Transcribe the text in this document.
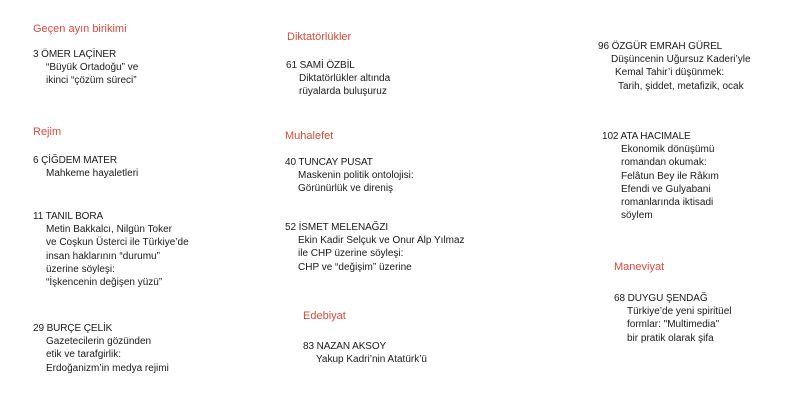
Geçen ayın birikimi
3 ÖMER LAÇİNER
“Büyük Ortadoğu” ve
ikinci “çözüm süreci”
Rejim
6 ÇİĞDEM MATER
Mahkeme hayaletleri
11 TANIL BORA
Metin Bakkalcı, Nilgün Toker
ve Coşkun Üsterci ile Türkiye’de
insan haklarının “durumu”
üzerine söyleşi:
“İşkencenin değişen yüzü”
29 BURÇE ÇELİK
Gazetecilerin gözünden
etik ve tarafgirlik:
Erdoğanizm’in medya rejimi
Diktatörlükler
61 SAMİ ÖZBİL
Diktatörlükler altında
rüyalarda buluşuruz
Muhalefet
40 TUNCAY PUSAT
Maskenin politik ontolojisi:
Görünürlük ve direniş
52 İSMET MELENAĞZI
Ekin Kadir Selçuk ve Onur Alp Yılmaz
ile CHP üzerine söyleşi:
CHP ve “değişim” üzerine
Edebiyat
83 NAZAN AKSOY
Yakup Kadri’nin Atatürk’ü
96 ÖZGÜR EMRAH GÜREL
Düşüncenin Uğursuz Kaderi’yle
Kemal Tahir’i düşünmek:
Tarih, şiddet, metafizik, ocak
102 ATA HACIMALE
Ekonomik dönüşümü
romandan okumak:
Felâtun Bey ile Râkım
Efendi ve Gulyabani
romanlarında iktisadi
söylem
Maneviyat
68 DUYGU ŞENDAĞ
Türkiye’de yeni spiritüel
formlar: "Multimedia"
bir pratik olarak şifa
